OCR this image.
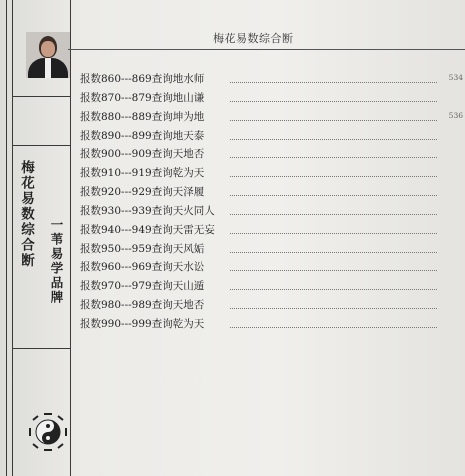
梅花易数综合断	一苇易学品牌
梅花易数综合断
报数860---869查询地水师	534
报数870---879查询地山谦
报数880---889查询坤为地	536
报数890---899查询地天泰
报数900---909查询天地否
报数910---919查询乾为天
报数920---929查询天泽履
报数930---939查询天火同人
报数940---949查询天雷无妄
报数950---959查询天风姤
报数960---969查询天水讼
报数970---979查询天山遁
报数980---989查询天地否
报数990---999查询乾为天
